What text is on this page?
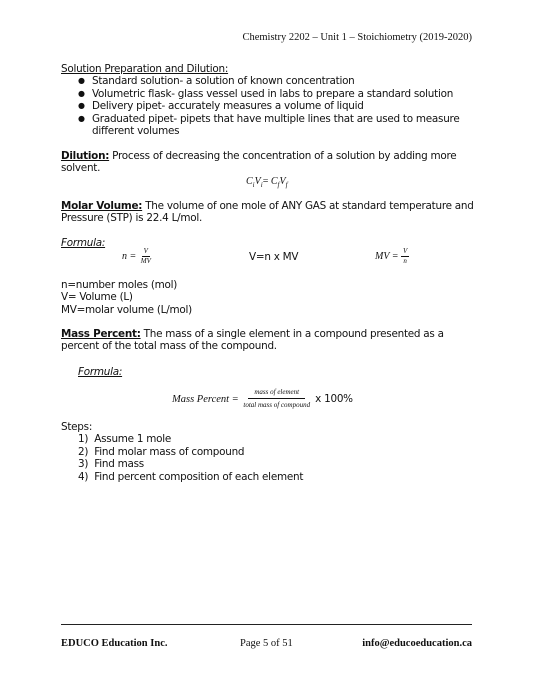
Chemistry 2202 – Unit 1 – Stoichiometry (2019-2020)
Solution Preparation and Dilution:
● Standard solution- a solution of known concentration
● Volumetric flask- glass vessel used in labs to prepare a standard solution
● Delivery pipet- accurately measures a volume of liquid
● Graduated pipet- pipets that have multiple lines that are used to measure different volumes
Dilution: Process of decreasing the concentration of a solution by adding more solvent.
$C_iV_i= C_fV_f$
Molar Volume: The volume of one mole of ANY GAS at standard temperature and Pressure (STP) is 22.4 L/mol.
Formula:
$n = \frac{V}{MV}$	V=n x MV	MV = $\frac{V}{n}$
n=number moles (mol)
V= Volume (L)
MV=molar volume (L/mol)
Mass Percent: The mass of a single element in a compound presented as a percent of the total mass of the compound.
Formula:
Mass Percent = $\frac{\text{mass of element}}{\text{total mass of compound}}$ x 100%
Steps:
1)  Assume 1 mole
2)  Find molar mass of compound
3)  Find mass
4)  Find percent composition of each element
EDUCO Education Inc.	Page 5 of 51	info@educoeducation.ca
